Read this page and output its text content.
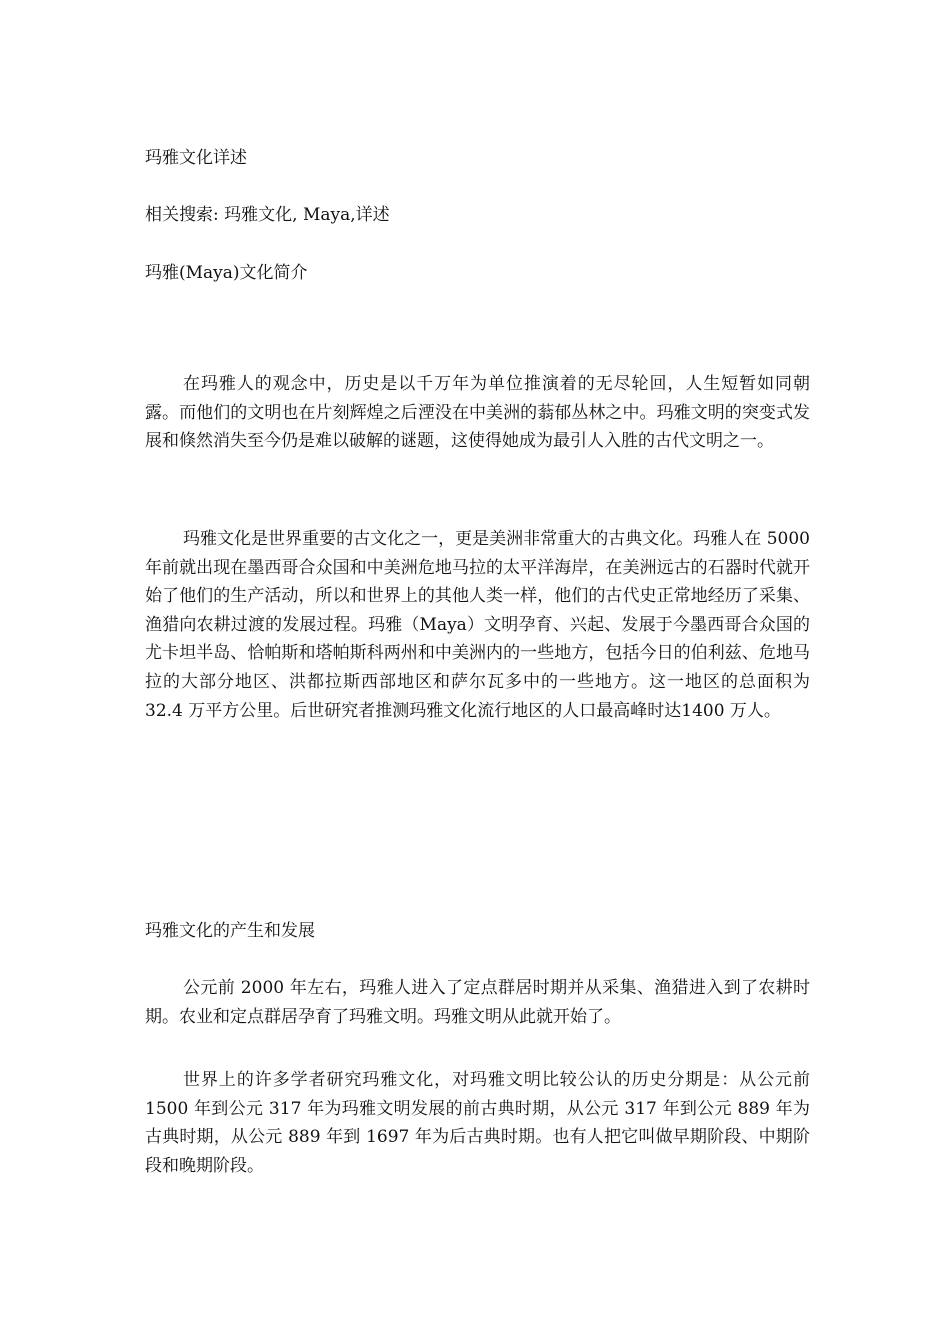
玛雅文化详述
相关搜索: 玛雅文化, Maya,详述
玛雅(Maya)文化简介

在玛雅人的观念中，历史是以千万年为单位推演着的无尽轮回，人生短暂如同朝露。而他们的文明也在片刻辉煌之后湮没在中美洲的蓊郁丛林之中。玛雅文明的突变式发展和倏然消失至今仍是难以破解的谜题，这使得她成为最引人入胜的古代文明之一。

玛雅文化是世界重要的古文化之一，更是美洲非常重大的古典文化。玛雅人在 5000 年前就出现在墨西哥合众国和中美洲危地马拉的太平洋海岸，在美洲远古的石器时代就开始了他们的生产活动，所以和世界上的其他人类一样，他们的古代史正常地经历了采集、渔猎向农耕过渡的发展过程。玛雅（Maya）文明孕育、兴起、发展于今墨西哥合众国的尤卡坦半岛、恰帕斯和塔帕斯科两州和中美洲内的一些地方，包括今日的伯利兹、危地马拉的大部分地区、洪都拉斯西部地区和萨尔瓦多中的一些地方。这一地区的总面积为 32.4 万平方公里。后世研究者推测玛雅文化流行地区的人口最高峰时达1400 万人。

玛雅文化的产生和发展

公元前 2000 年左右，玛雅人进入了定点群居时期并从采集、渔猎进入到了农耕时期。农业和定点群居孕育了玛雅文明。玛雅文明从此就开始了。

世界上的许多学者研究玛雅文化，对玛雅文明比较公认的历史分期是：从公元前 1500 年到公元 317 年为玛雅文明发展的前古典时期，从公元 317 年到公元 889 年为古典时期，从公元 889 年到 1697 年为后古典时期。也有人把它叫做早期阶段、中期阶段和晚期阶段。
